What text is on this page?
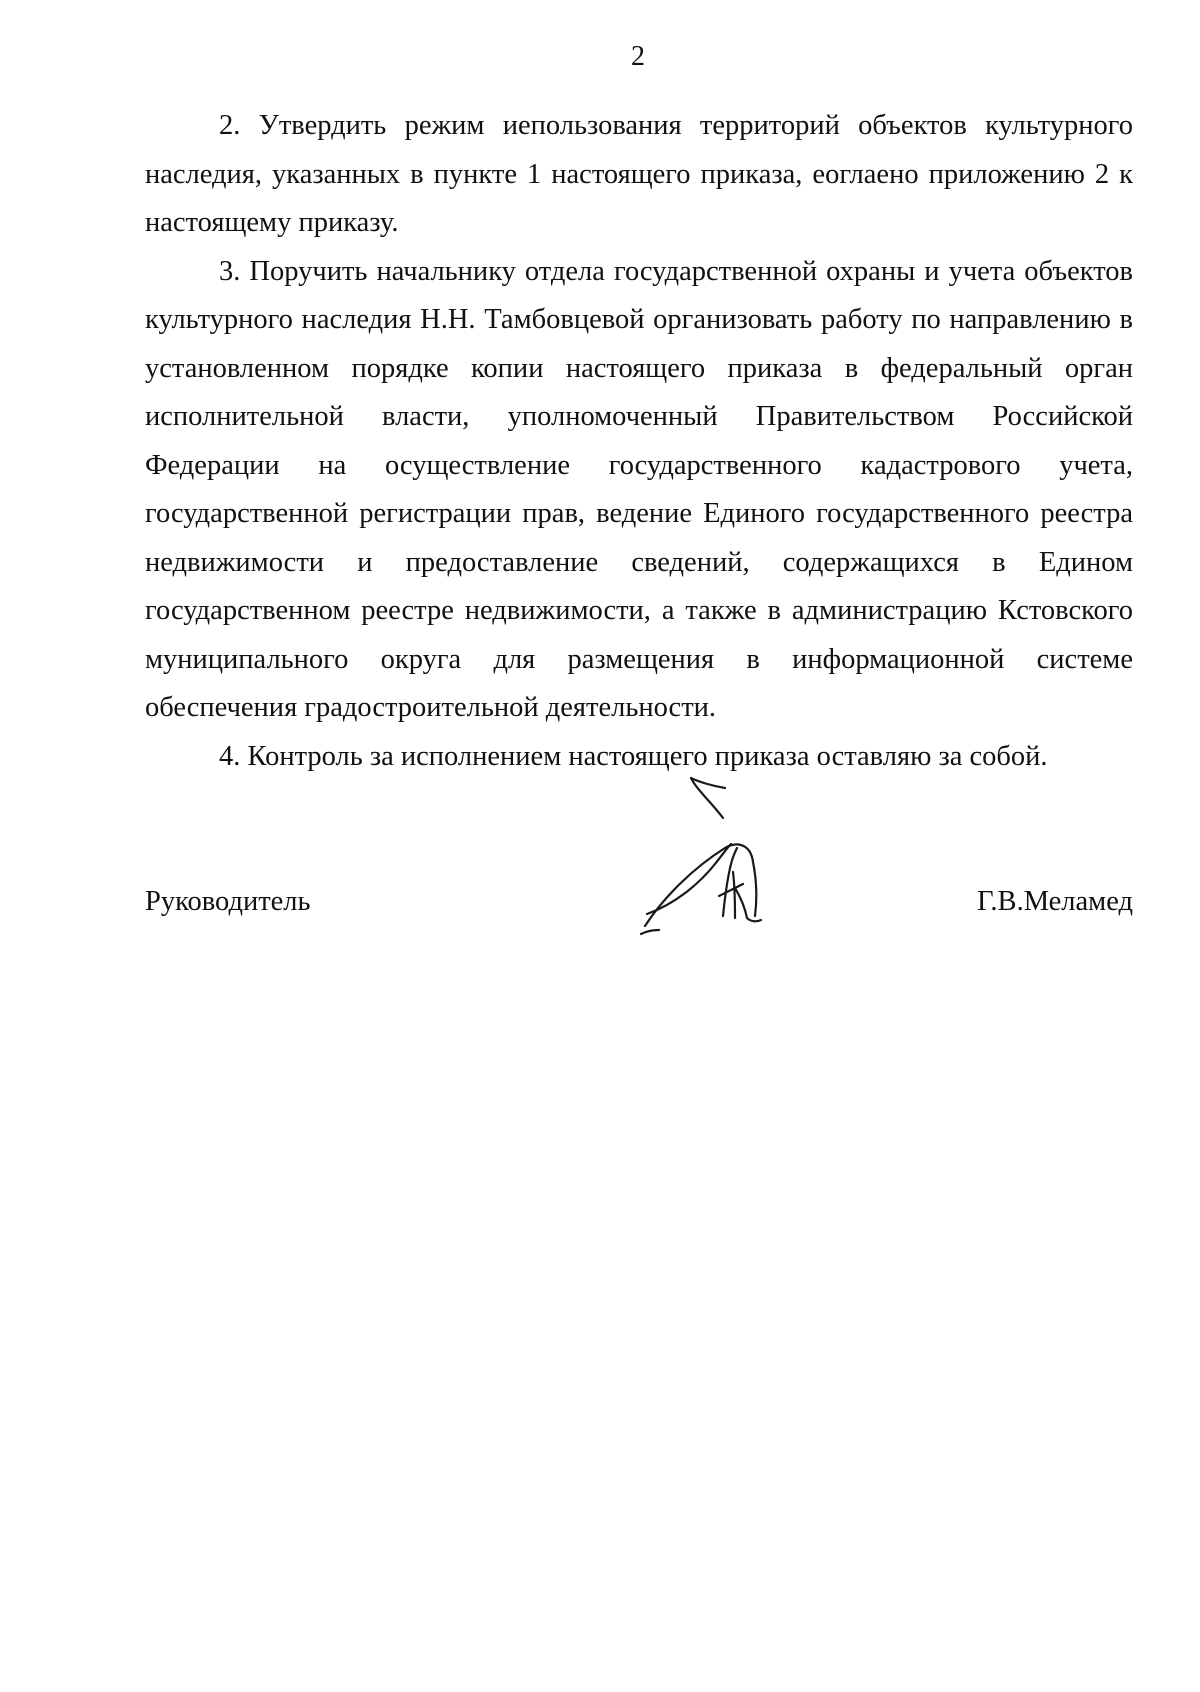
2

2. Утвердить режим иепользования территорий объектов культурного наследия, указанных в пункте 1 настоящего приказа, еоглаено приложению 2 к настоящему приказу.

3. Поручить начальнику отдела государственной охраны и учета объектов культурного наследия Н.Н. Тамбовцевой организовать работу по направлению в установленном порядке копии настоящего приказа в федеральный орган исполнительной власти, уполномоченный Правительством Российской Федерации на осуществление государственного кадастрового учета, государственной регистрации прав, ведение Единого государственного реестра недвижимости и предоставление сведений, содержащихся в Едином государственном реестре недвижимости, а также в администрацию Кстовского муниципального округа для размещения в информационной системе обеспечения градостроительной деятельности.

4. Контроль за исполнением настоящего приказа оставляю за собой.

Руководитель	Г.В.Меламед
